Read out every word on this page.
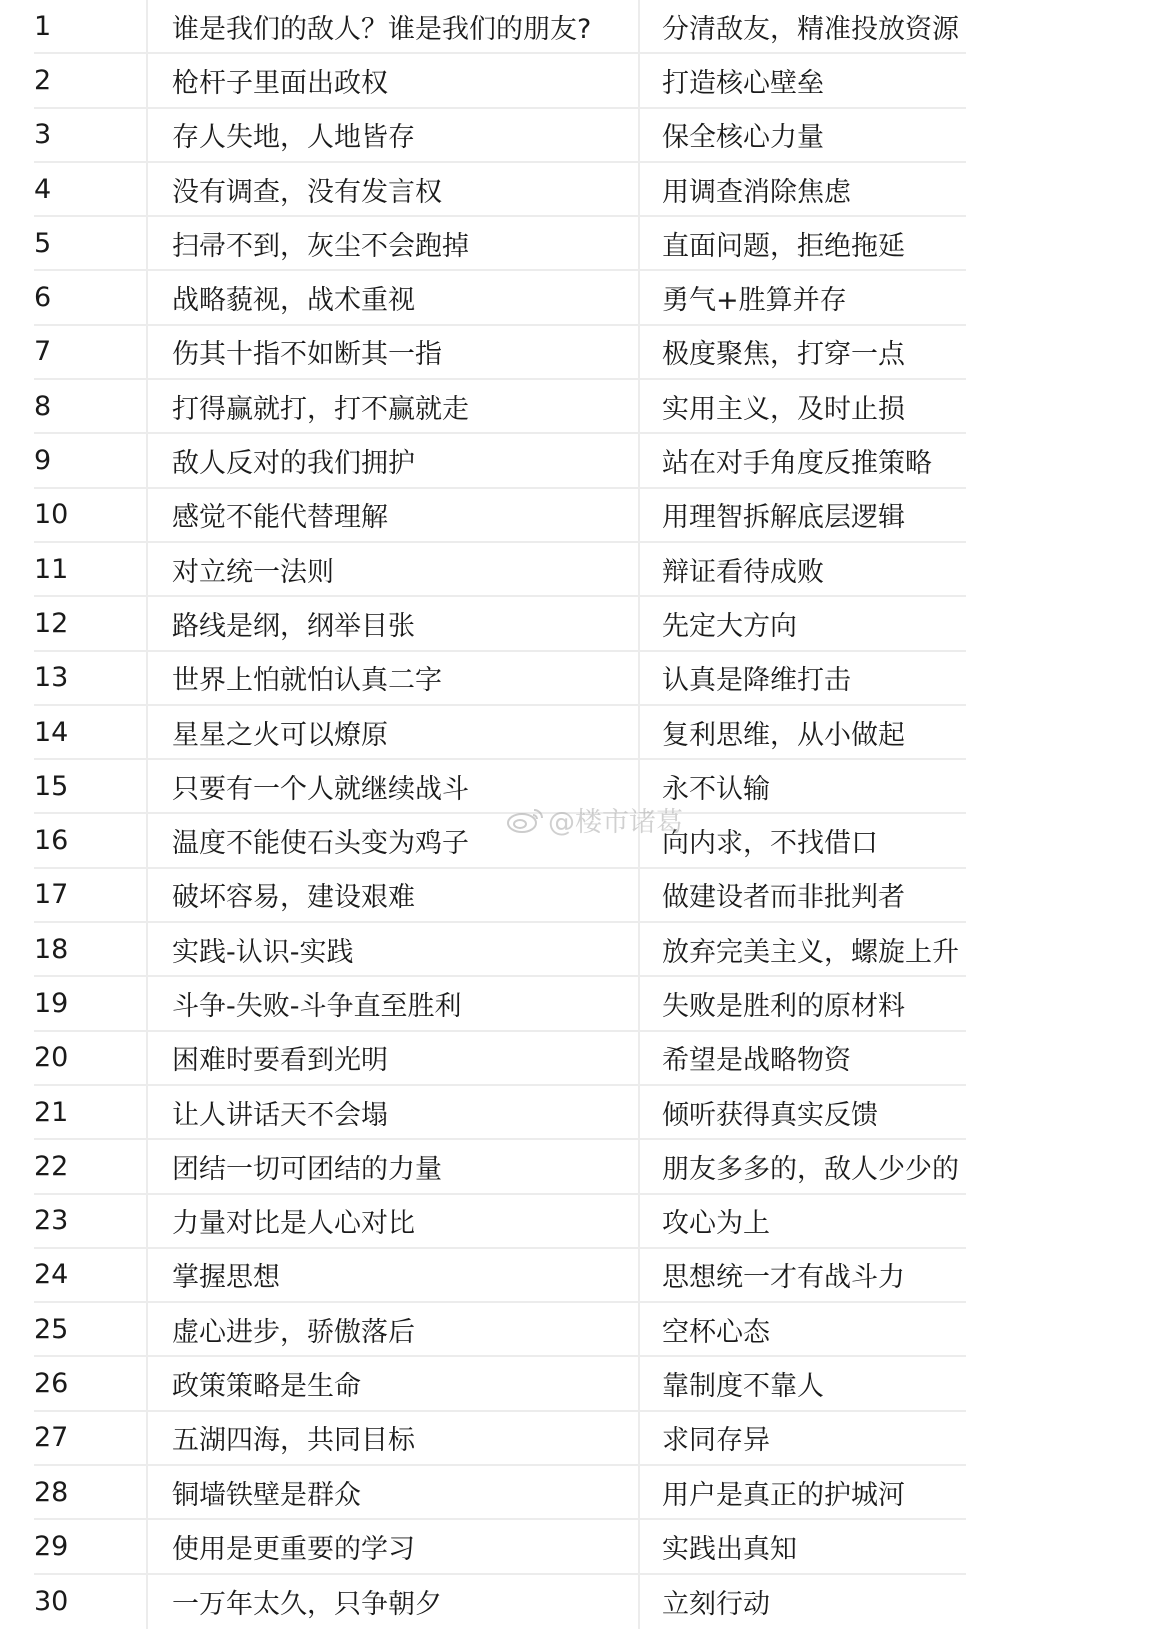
1	谁是我们的敌人？谁是我们的朋友?	分清敌友，精准投放资源
2	枪杆子里面出政权	打造核心壁垒
3	存人失地，人地皆存	保全核心力量
4	没有调查，没有发言权	用调查消除焦虑
5	扫帚不到，灰尘不会跑掉	直面问题，拒绝拖延
6	战略藐视，战术重视	勇气+胜算并存
7	伤其十指不如断其一指	极度聚焦，打穿一点
8	打得赢就打，打不赢就走	实用主义，及时止损
9	敌人反对的我们拥护	站在对手角度反推策略
10	感觉不能代替理解	用理智拆解底层逻辑
11	对立统一法则	辩证看待成败
12	路线是纲，纲举目张	先定大方向
13	世界上怕就怕认真二字	认真是降维打击
14	星星之火可以燎原	复利思维，从小做起
15	只要有一个人就继续战斗	永不认输
16	温度不能使石头变为鸡子	向内求，不找借口
17	破坏容易，建设艰难	做建设者而非批判者
18	实践-认识-实践	放弃完美主义，螺旋上升
19	斗争-失败-斗争直至胜利	失败是胜利的原材料
20	困难时要看到光明	希望是战略物资
21	让人讲话天不会塌	倾听获得真实反馈
22	团结一切可团结的力量	朋友多多的，敌人少少的
23	力量对比是人心对比	攻心为上
24	掌握思想	思想统一才有战斗力
25	虚心进步，骄傲落后	空杯心态
26	政策策略是生命	靠制度不靠人
27	五湖四海，共同目标	求同存异
28	铜墙铁壁是群众	用户是真正的护城河
29	使用是更重要的学习	实践出真知
30	一万年太久，只争朝夕	立刻行动
@楼市诸葛
